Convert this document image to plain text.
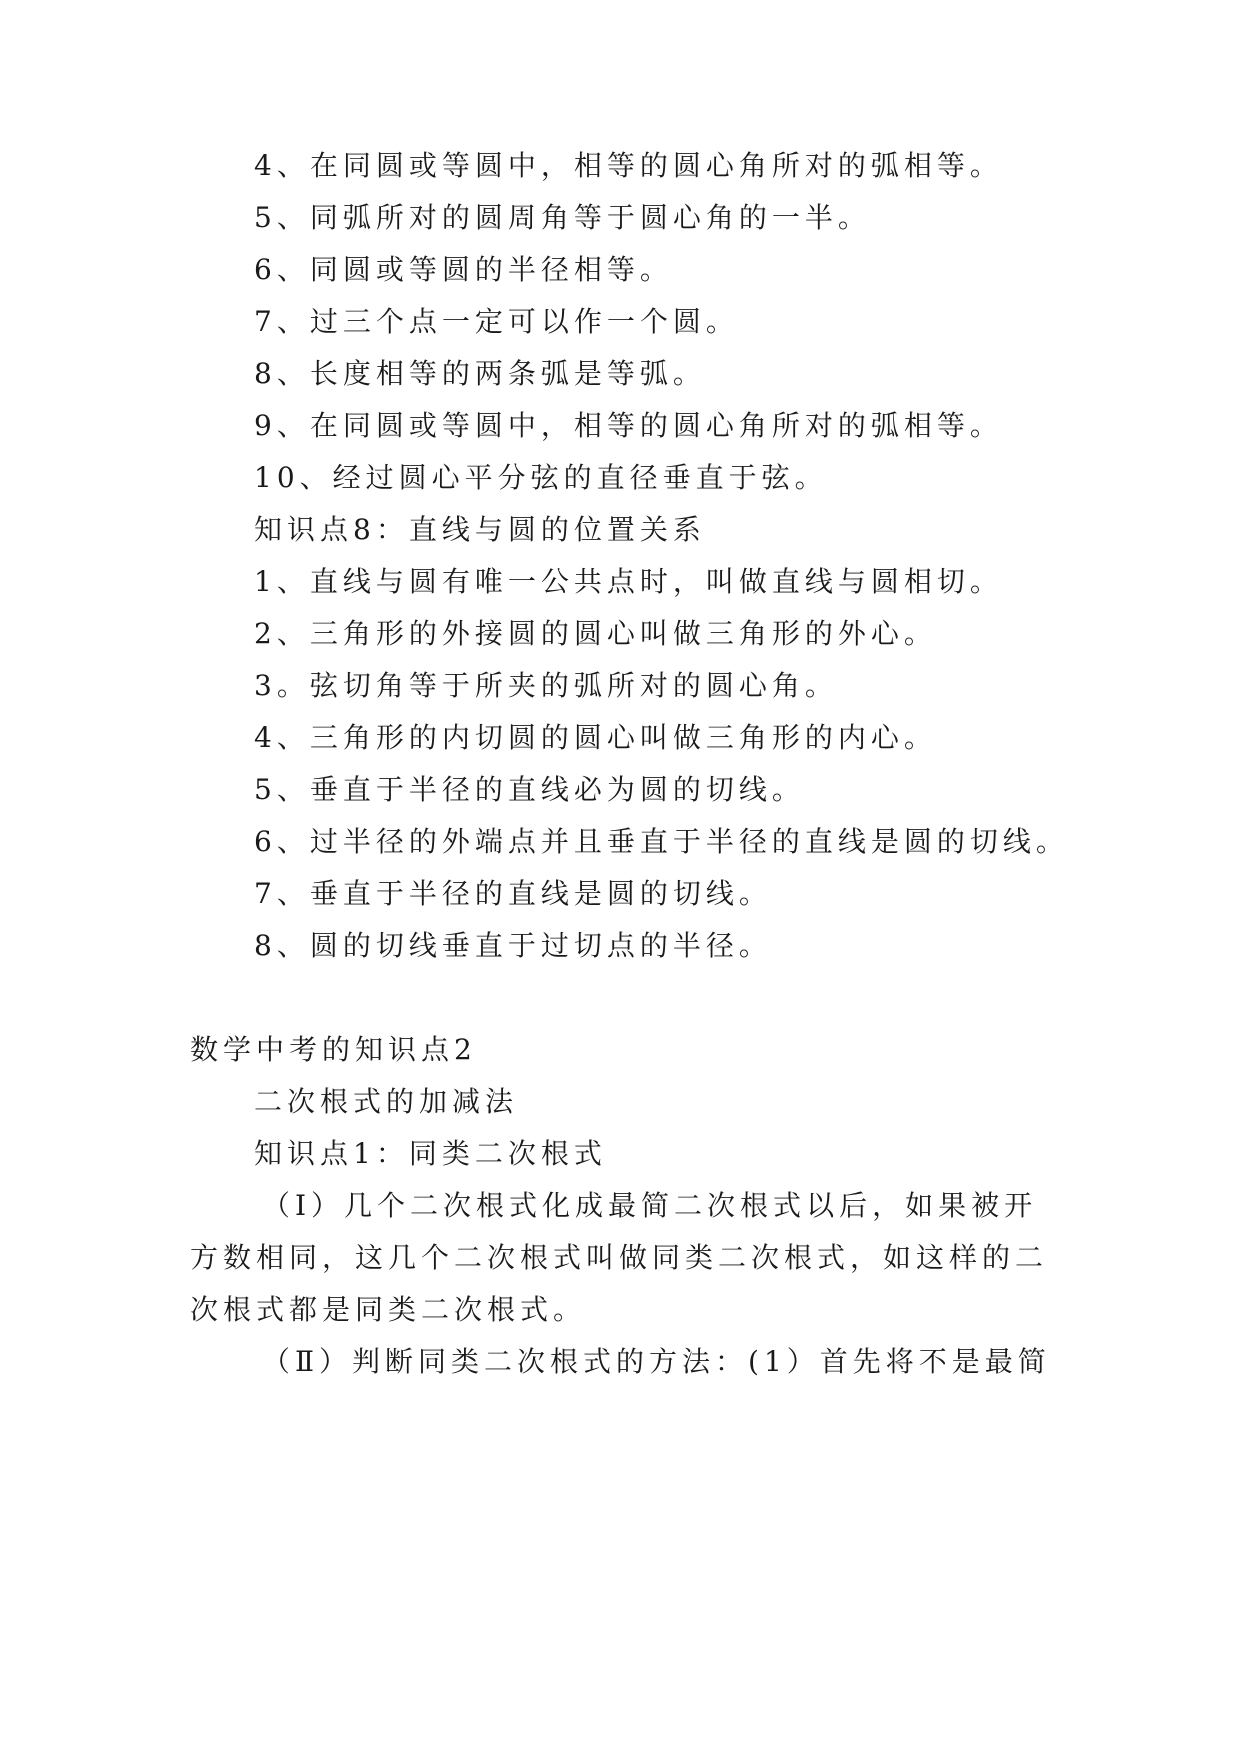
4、在同圆或等圆中，相等的圆心角所对的弧相等。
5、同弧所对的圆周角等于圆心角的一半。
6、同圆或等圆的半径相等。
7、过三个点一定可以作一个圆。
8、长度相等的两条弧是等弧。
9、在同圆或等圆中，相等的圆心角所对的弧相等。
10、经过圆心平分弦的直径垂直于弦。
知识点8：直线与圆的位置关系
1、直线与圆有唯一公共点时，叫做直线与圆相切。
2、三角形的外接圆的圆心叫做三角形的外心。
3。弦切角等于所夹的弧所对的圆心角。
4、三角形的内切圆的圆心叫做三角形的内心。
5、垂直于半径的直线必为圆的切线。
6、过半径的外端点并且垂直于半径的直线是圆的切线。
7、垂直于半径的直线是圆的切线。
8、圆的切线垂直于过切点的半径。
数学中考的知识点2
二次根式的加减法
知识点1：同类二次根式
（Ⅰ）几个二次根式化成最简二次根式以后，如果被开
方数相同，这几个二次根式叫做同类二次根式，如这样的二
次根式都是同类二次根式。
（Ⅱ）判断同类二次根式的方法：(1）首先将不是最简
